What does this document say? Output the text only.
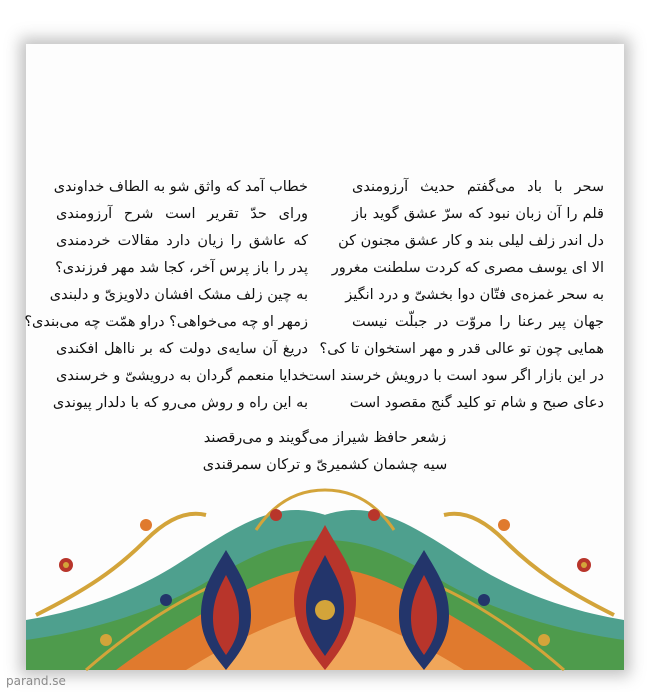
سحر با باد می‌گفتم حدیث آرزومندی
خطاب آمد که واثق شو به الطاف خداوندی
قلم را آن زبان نبود که سرّ عشق گوید باز
ورای حدّ تقریر است شرح آرزومندی
دل اندر زلف لیلی بند و کار عشق مجنون کن
که عاشق را زیان دارد مقالات خردمندی
الا ای یوسف مصری که کردت سلطنت مغرور
پدر را باز پرس آخر، کجا شد مهر فرزندی؟
به سحر غمزه‌ی فتّان دوا بخشیّ و درد انگیز
به چین زلف مشک افشان دلاویزیّ و دلبندی
جهان پیر رعنا را مروّت در جبلّت نیست
زمهر او چه می‌خواهی؟ دراو همّت چه می‌بندی؟
همایی چون تو عالی قدر و مهر استخوان تا کی؟
دریغ آن سایه‌ی دولت که بر نااهل افکندی
در این بازار اگر سود است با درویش خرسند است
خدایا منعمم گردان به درویشیّ و خرسندی
دعای صبح و شام تو کلید گنج مقصود است
به این راه و روش می‌رو که با دلدار پیوندی
زشعر حافظ شیراز می‌گویند و می‌رقصند
سیه چشمان کشمیریّ و ترکان سمرقندی
parand.se
